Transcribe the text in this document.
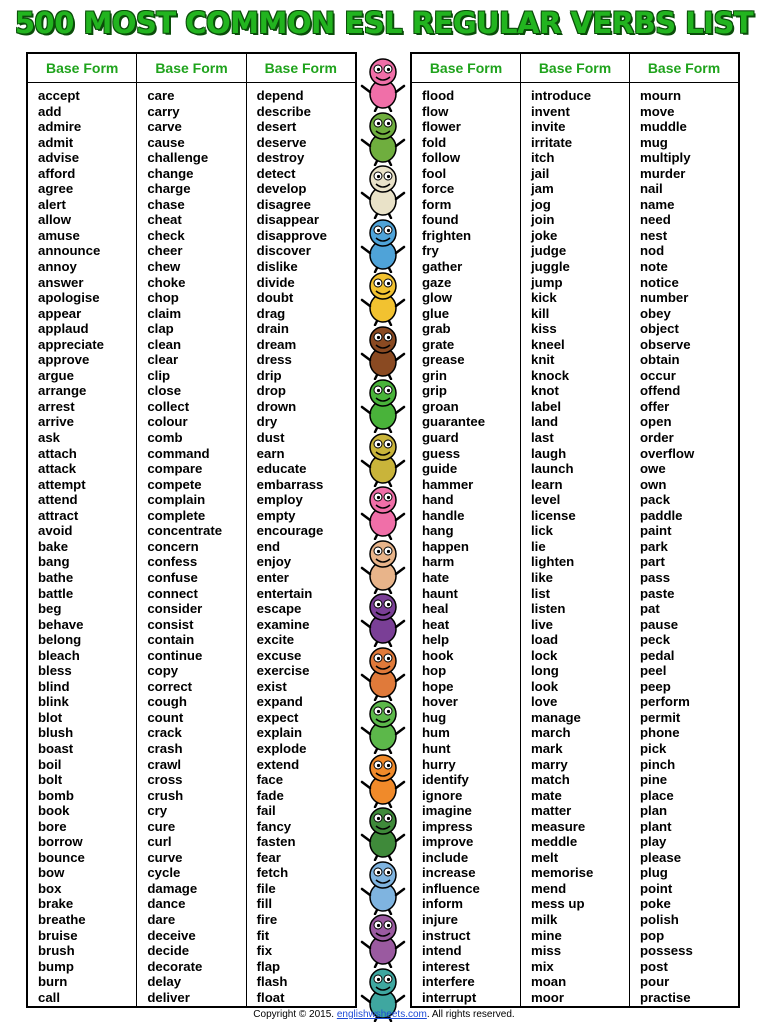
500 MOST COMMON ESL REGULAR VERBS LIST
Base Form
accept
add
admire
admit
advise
afford
agree
alert
allow
amuse
announce
annoy
answer
apologise
appear
applaud
appreciate
approve
argue
arrange
arrest
arrive
ask
attach
attack
attempt
attend
attract
avoid
bake
bang
bathe
battle
beg
behave
belong
bleach
bless
blind
blink
blot
blush
boast
boil
bolt
bomb
book
bore
borrow
bounce
bow
box
brake
breathe
bruise
brush
bump
burn
call
Base Form
care
carry
carve
cause
challenge
change
charge
chase
cheat
check
cheer
chew
choke
chop
claim
clap
clean
clear
clip
close
collect
colour
comb
command
compare
compete
complain
complete
concentrate
concern
confess
confuse
connect
consider
consist
contain
continue
copy
correct
cough
count
crack
crash
crawl
cross
crush
cry
cure
curl
curve
cycle
damage
dance
dare
deceive
decide
decorate
delay
deliver
Base Form
depend
describe
desert
deserve
destroy
detect
develop
disagree
disappear
disapprove
discover
dislike
divide
doubt
drag
drain
dream
dress
drip
drop
drown
dry
dust
earn
educate
embarrass
employ
empty
encourage
end
enjoy
enter
entertain
escape
examine
excite
excuse
exercise
exist
expand
expect
explain
explode
extend
face
fade
fail
fancy
fasten
fear
fetch
file
fill
fire
fit
fix
flap
flash
float
Base Form
flood
flow
flower
fold
follow
fool
force
form
found
frighten
fry
gather
gaze
glow
glue
grab
grate
grease
grin
grip
groan
guarantee
guard
guess
guide
hammer
hand
handle
hang
happen
harm
hate
haunt
heal
heat
help
hook
hop
hope
hover
hug
hum
hunt
hurry
identify
ignore
imagine
impress
improve
include
increase
influence
inform
injure
instruct
intend
interest
interfere
interrupt
Base Form
introduce
invent
invite
irritate
itch
jail
jam
jog
join
joke
judge
juggle
jump
kick
kill
kiss
kneel
knit
knock
knot
label
land
last
laugh
launch
learn
level
license
lick
lie
lighten
like
list
listen
live
load
lock
long
look
love
manage
march
mark
marry
match
mate
matter
measure
meddle
melt
memorise
mend
mess up
milk
mine
miss
mix
moan
moor
Base Form
mourn
move
muddle
mug
multiply
murder
nail
name
need
nest
nod
note
notice
number
obey
object
observe
obtain
occur
offend
offer
open
order
overflow
owe
own
pack
paddle
paint
park
part
pass
paste
pat
pause
peck
pedal
peel
peep
perform
permit
phone
pick
pinch
pine
place
plan
plant
play
please
plug
point
poke
polish
pop
possess
post
pour
practise
Copyright © 2015. englishwsheets.com. All rights reserved.
